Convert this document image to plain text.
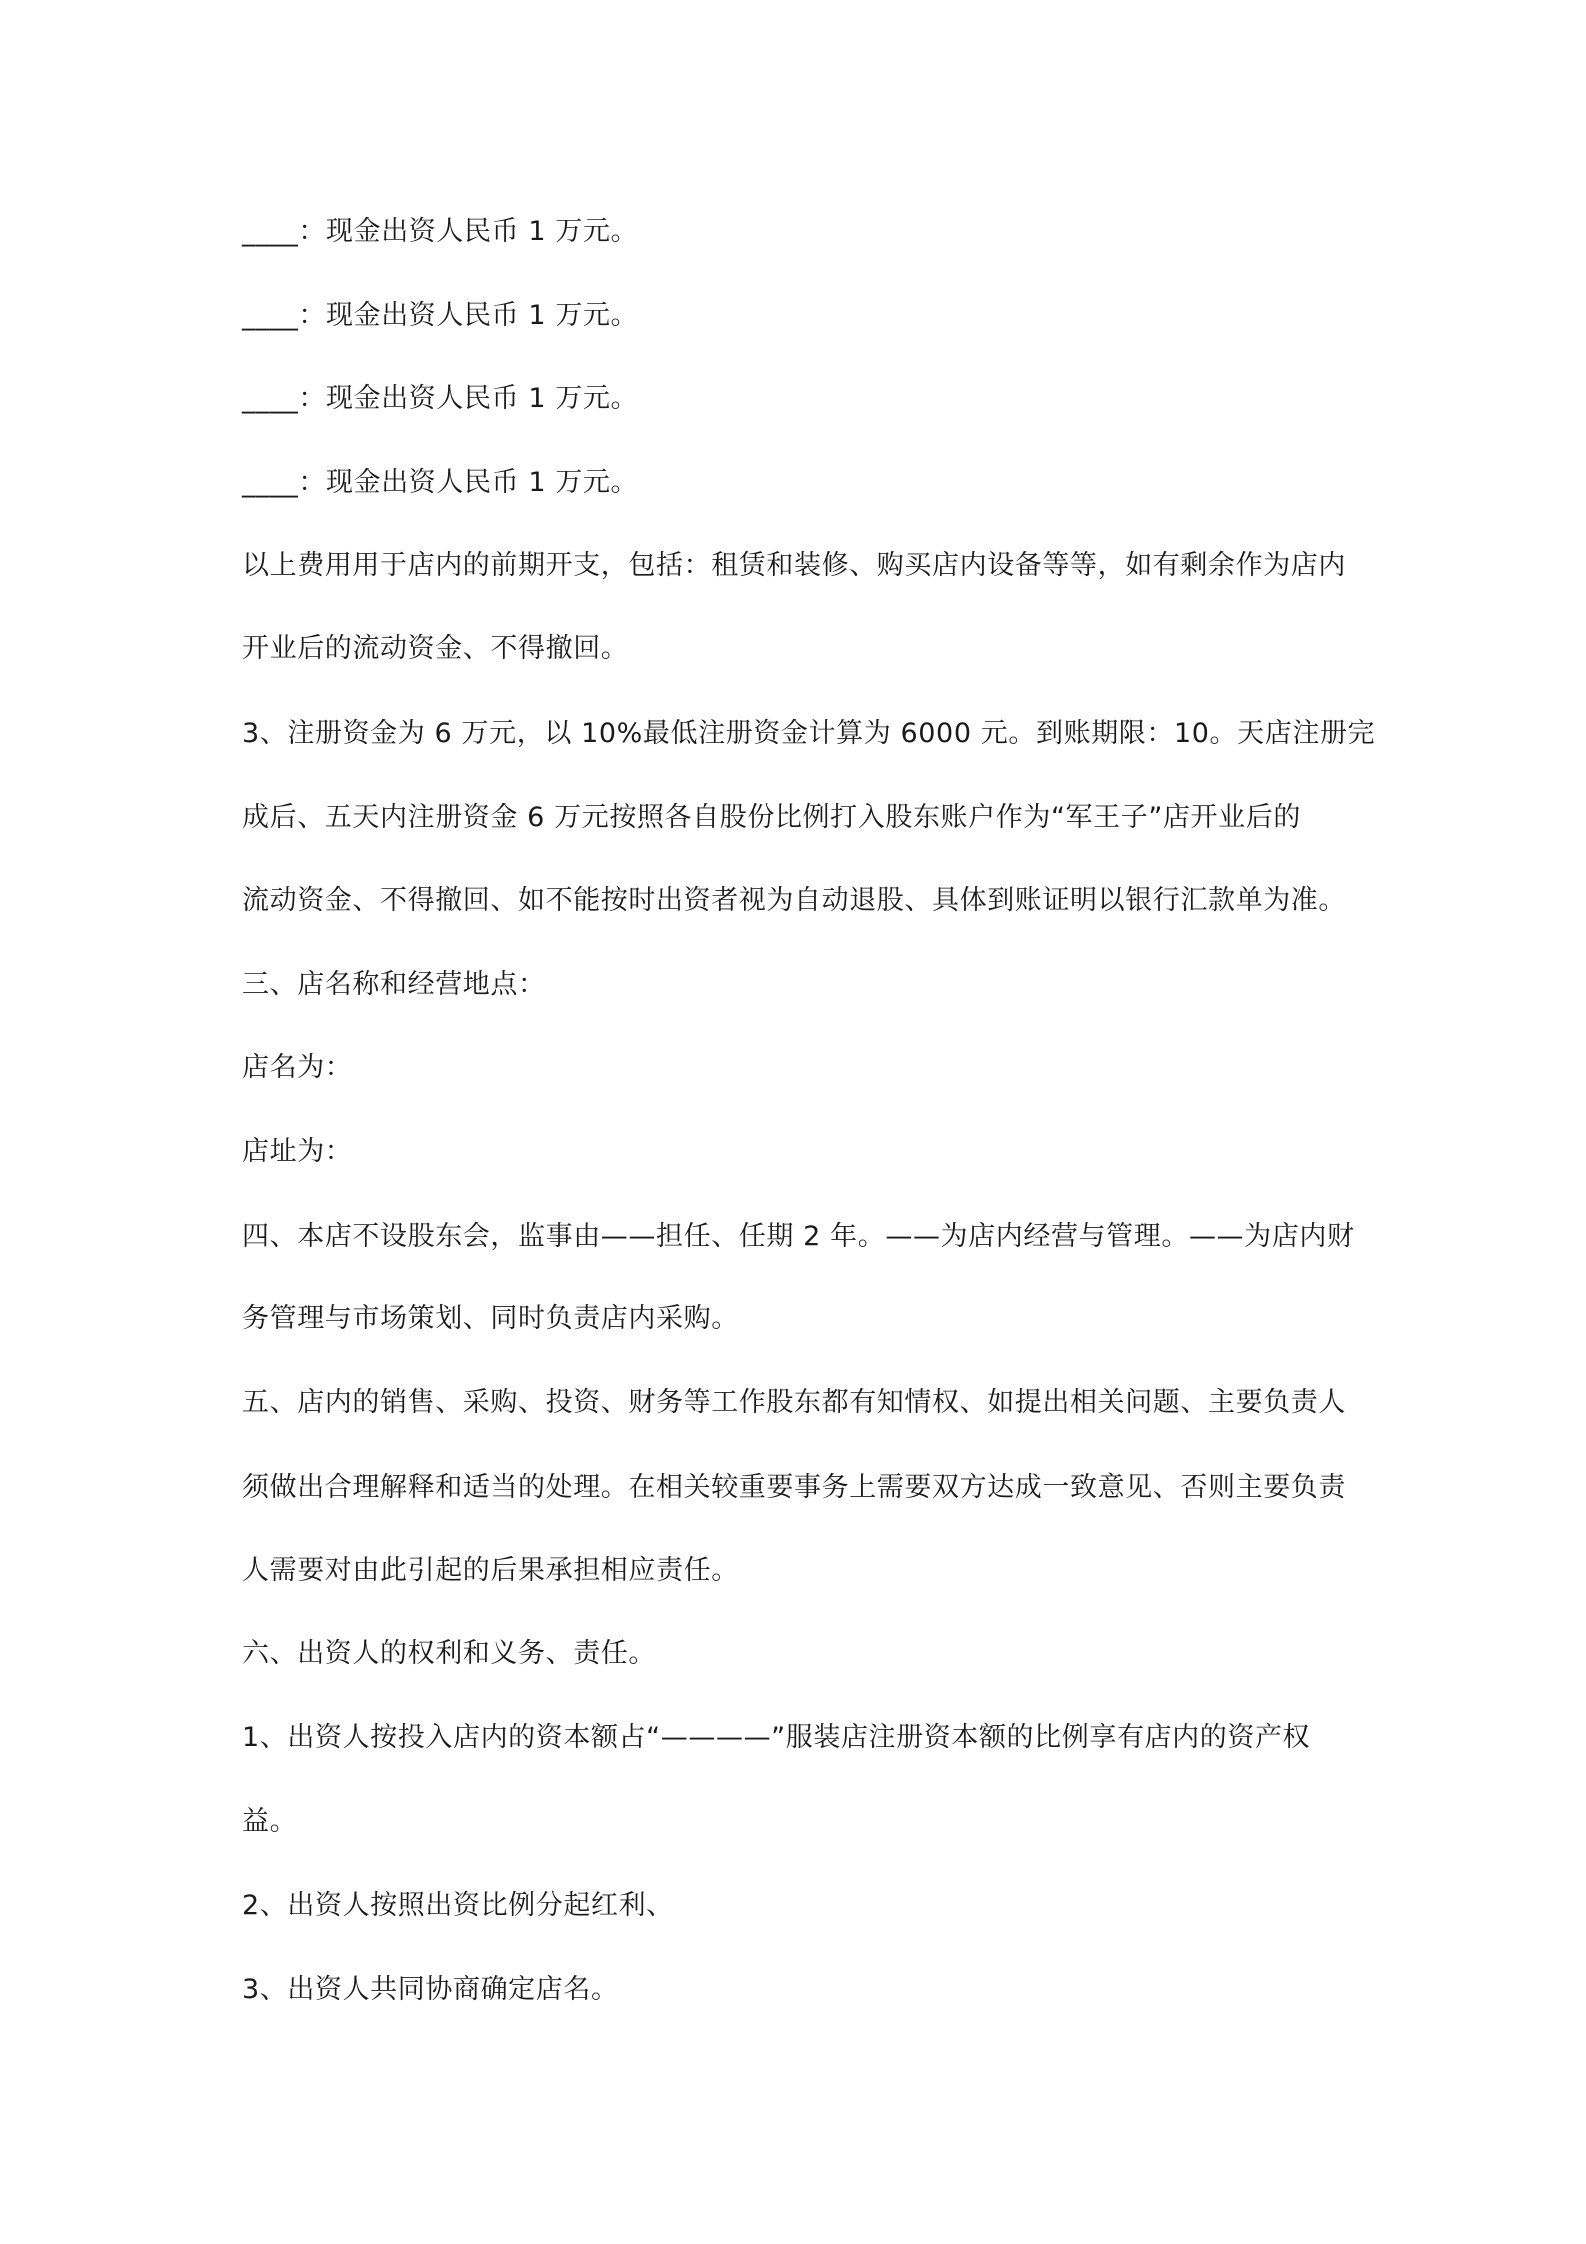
____：现金出资人民币 1 万元。
____：现金出资人民币 1 万元。
____：现金出资人民币 1 万元。
____：现金出资人民币 1 万元。
以上费用用于店内的前期开支，包括：租赁和装修、购买店内设备等等，如有剩余作为店内
开业后的流动资金、不得撤回。
3、注册资金为 6 万元，以 10%最低注册资金计算为 6000 元。到账期限：10。天店注册完
成后、五天内注册资金 6 万元按照各自股份比例打入股东账户作为“军王子”店开业后的
流动资金、不得撤回、如不能按时出资者视为自动退股、具体到账证明以银行汇款单为准。
三、店名称和经营地点：
店名为：
店址为：
四、本店不设股东会，监事由——担任、任期 2 年。——为店内经营与管理。——为店内财
务管理与市场策划、同时负责店内采购。
五、店内的销售、采购、投资、财务等工作股东都有知情权、如提出相关问题、主要负责人
须做出合理解释和适当的处理。在相关较重要事务上需要双方达成一致意见、否则主要负责
人需要对由此引起的后果承担相应责任。
六、出资人的权利和义务、责任。
1、出资人按投入店内的资本额占“————”服装店注册资本额的比例享有店内的资产权
益。
2、出资人按照出资比例分起红利、
3、出资人共同协商确定店名。
